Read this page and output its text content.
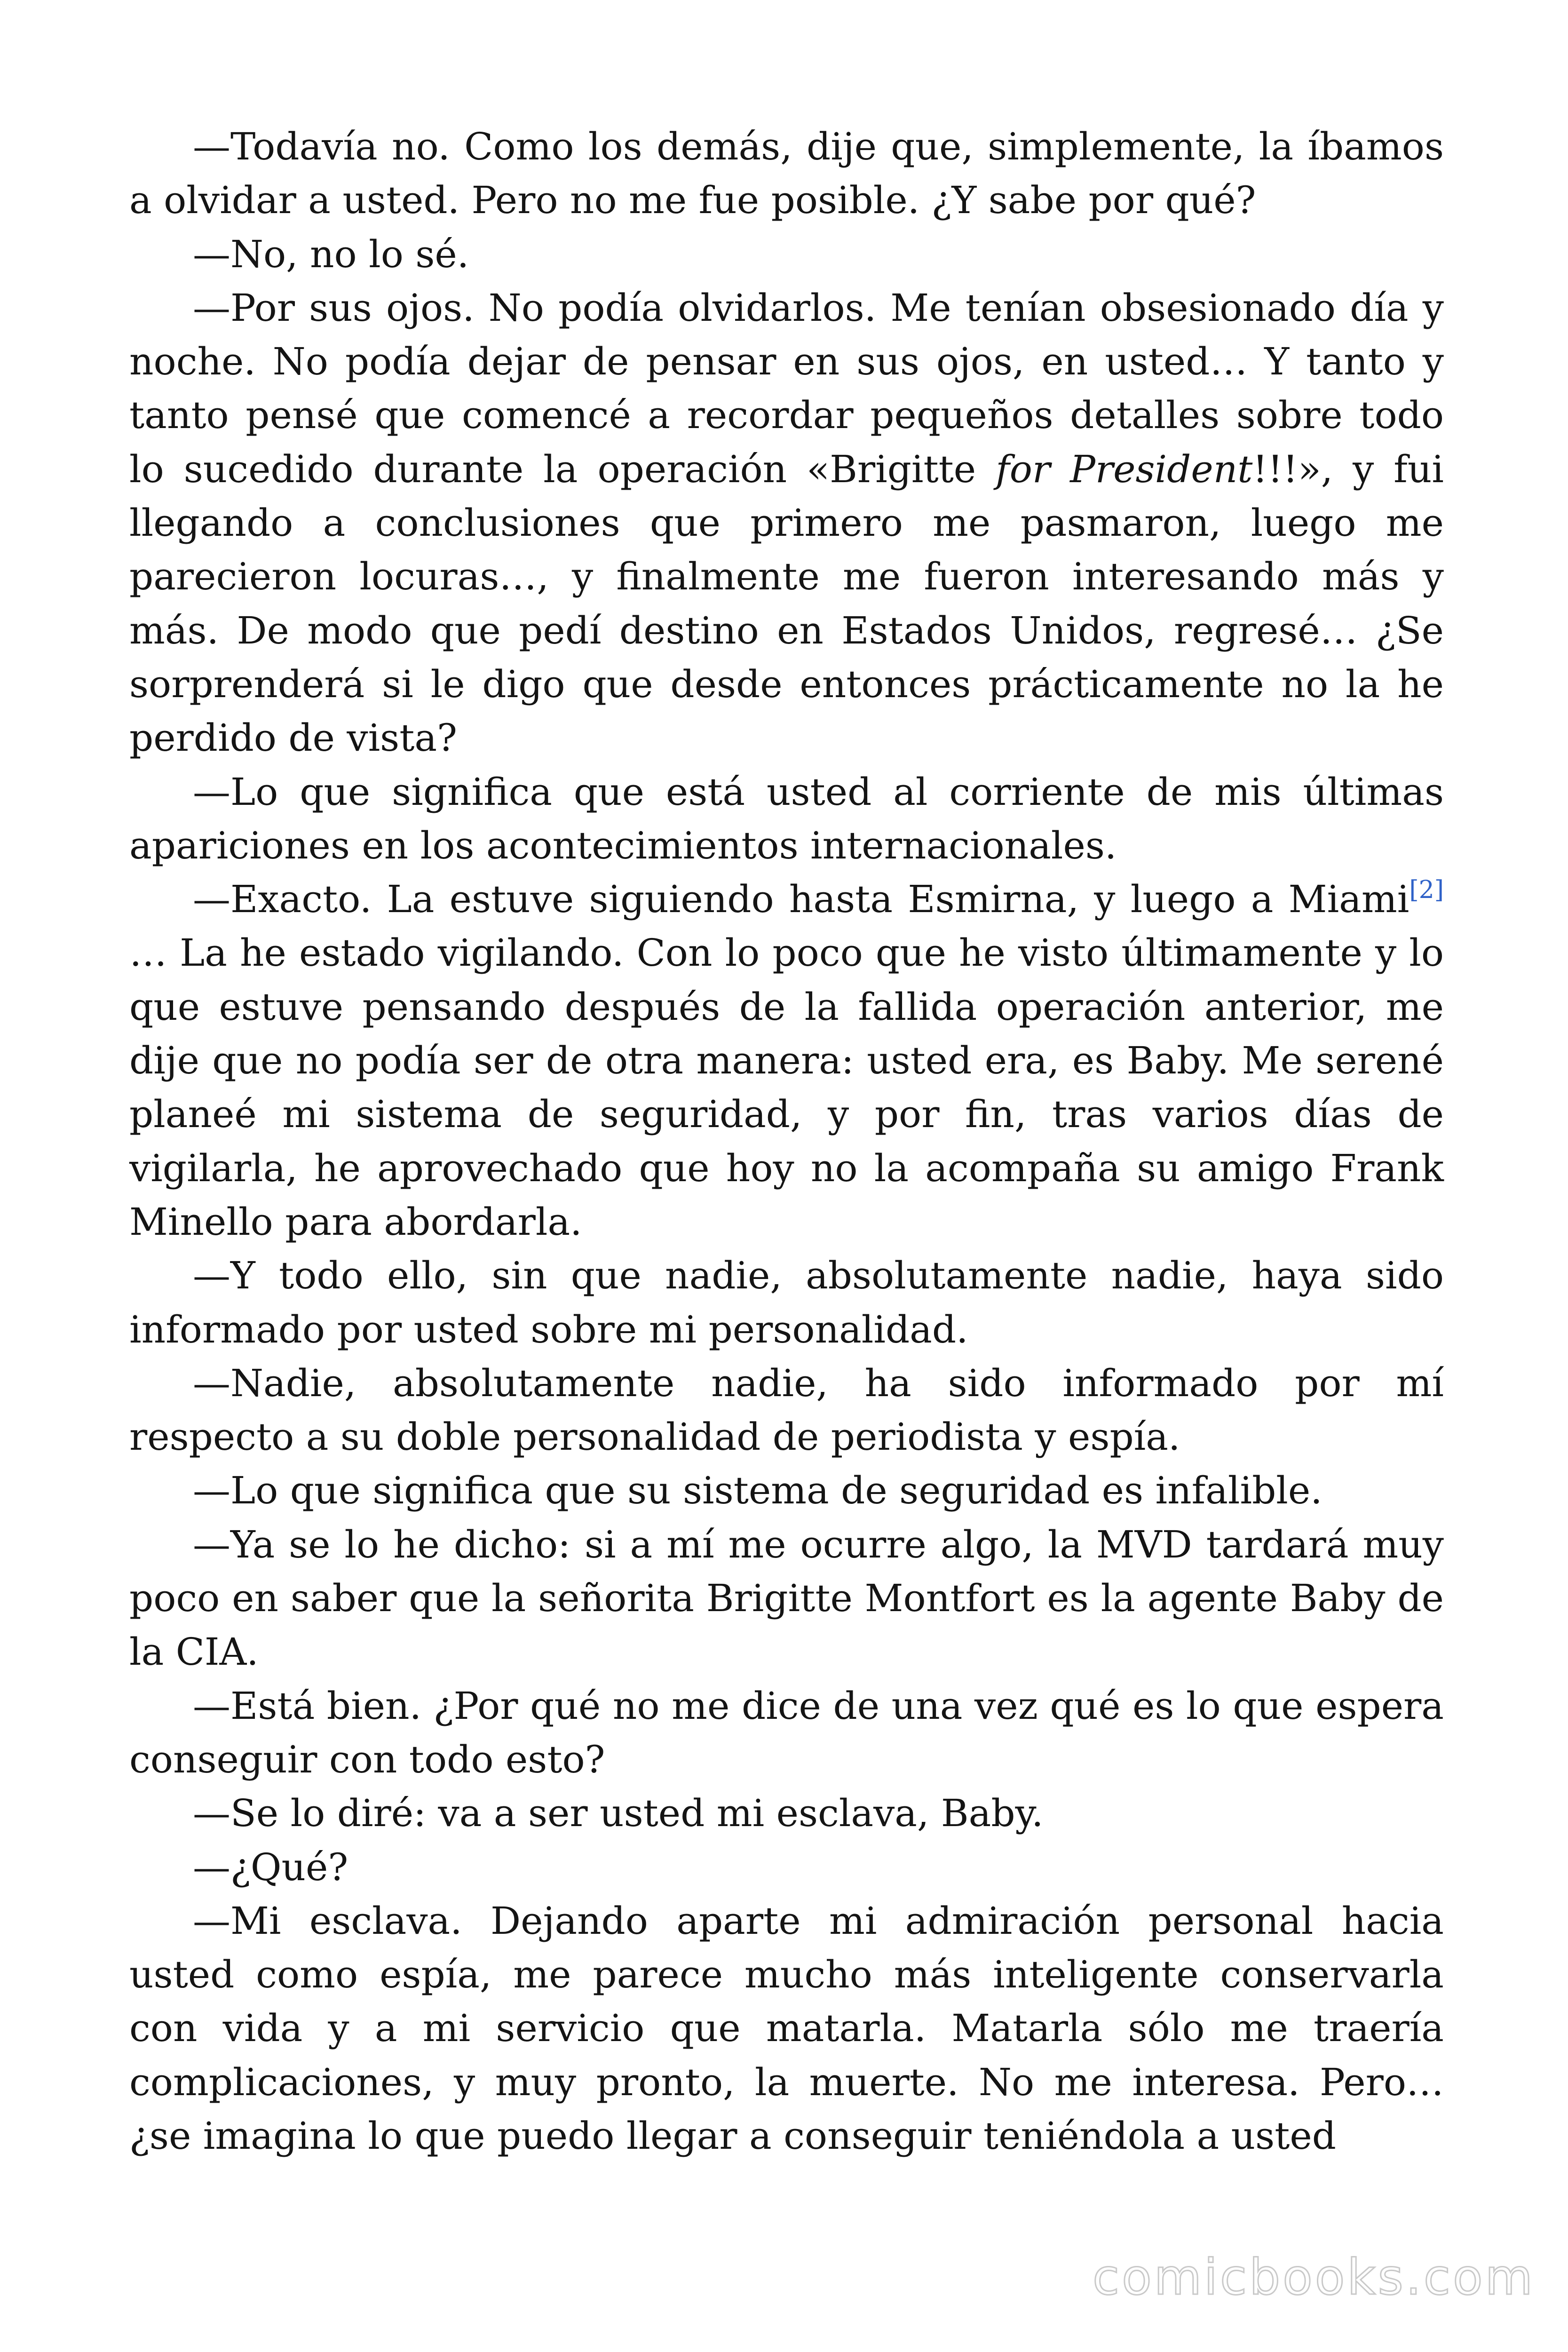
—Todavía no. Como los demás, dije que, simplemente, la íbamos a olvidar a usted. Pero no me fue posible. ¿Y sabe por qué?

—No, no lo sé.

—Por sus ojos. No podía olvidarlos. Me tenían obsesionado día y noche. No podía dejar de pensar en sus ojos, en usted… Y tanto y tanto pensé que comencé a recordar pequeños detalles sobre todo lo sucedido durante la operación «Brigitte for President!!!», y fui llegando a conclusiones que primero me pasmaron, luego me parecieron locuras…, y finalmente me fueron interesando más y más. De modo que pedí destino en Estados Unidos, regresé… ¿Se sorprenderá si le digo que desde entonces prácticamente no la he perdido de vista?

—Lo que significa que está usted al corriente de mis últimas apariciones en los acontecimientos internacionales.

—Exacto. La estuve siguiendo hasta Esmirna, y luego a Miami[2] … La he estado vigilando. Con lo poco que he visto últimamente y lo que estuve pensando después de la fallida operación anterior, me dije que no podía ser de otra manera: usted era, es Baby. Me serené planeé mi sistema de seguridad, y por fin, tras varios días de vigilarla, he aprovechado que hoy no la acompaña su amigo Frank Minello para abordarla.

—Y todo ello, sin que nadie, absolutamente nadie, haya sido informado por usted sobre mi personalidad.

—Nadie, absolutamente nadie, ha sido informado por mí respecto a su doble personalidad de periodista y espía.

—Lo que significa que su sistema de seguridad es infalible.

—Ya se lo he dicho: si a mí me ocurre algo, la MVD tardará muy poco en saber que la señorita Brigitte Montfort es la agente Baby de la CIA.

—Está bien. ¿Por qué no me dice de una vez qué es lo que espera conseguir con todo esto?

—Se lo diré: va a ser usted mi esclava, Baby.

—¿Qué?

—Mi esclava. Dejando aparte mi admiración personal hacia usted como espía, me parece mucho más inteligente conservarla con vida y a mi servicio que matarla. Matarla sólo me traería complicaciones, y muy pronto, la muerte. No me interesa. Pero… ¿se imagina lo que puedo llegar a conseguir teniéndola a usted

comicbooks.com
